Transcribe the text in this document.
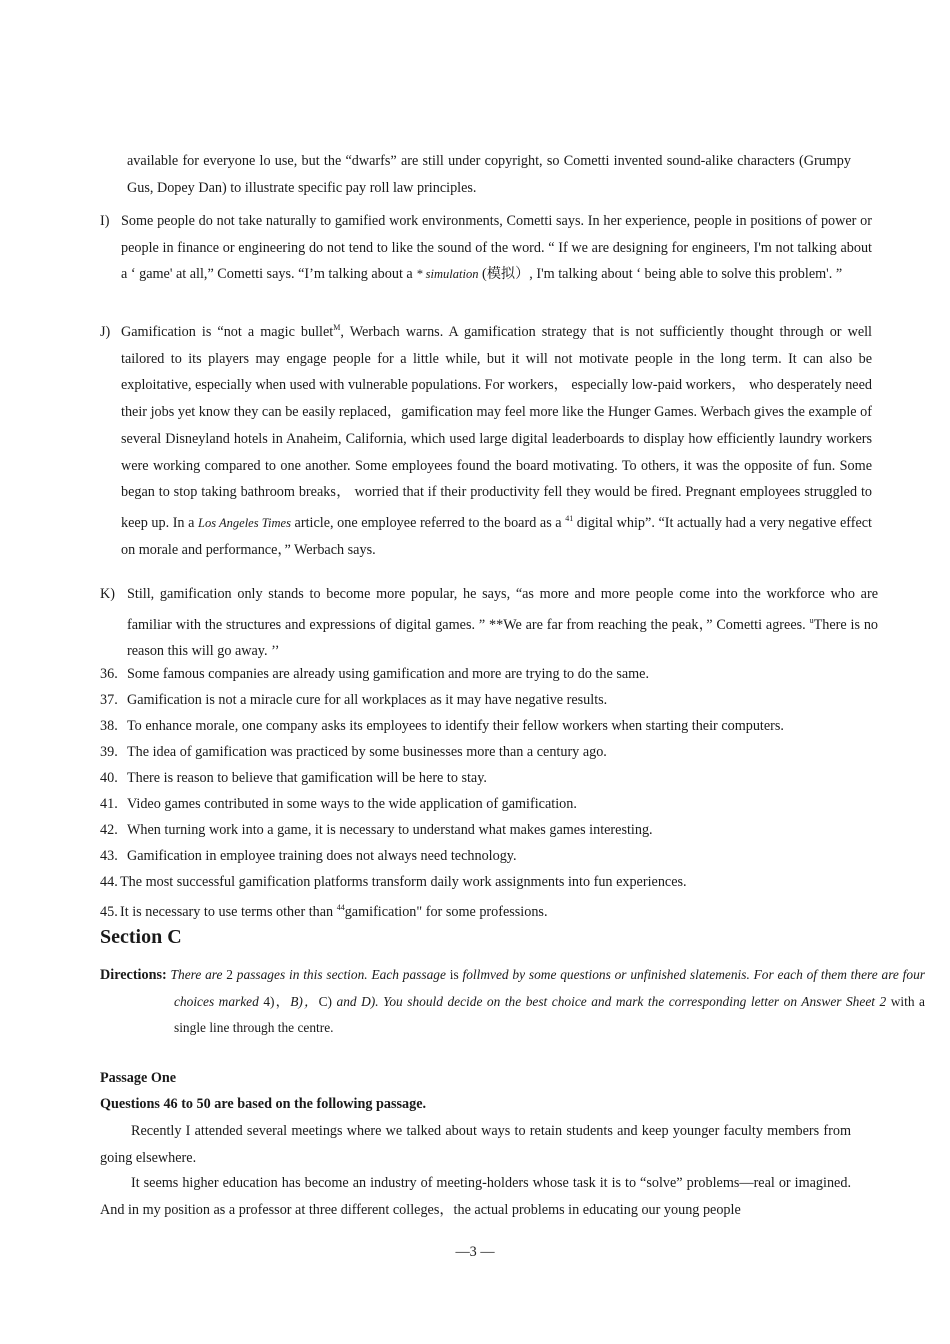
available for everyone lo use, but the “dwarfs” are still under copyright, so Cometti invented sound-alike characters (Grumpy Gus, Dopey Dan) to illustrate specific pay roll law principles.
I) Some people do not take naturally to gamified work environments, Cometti says. In her experience, people in positions of power or people in finance or engineering do not tend to like the sound of the word. “ If we are designing for engineers, I'm not talking about a ‘ game' at all,” Cometti says. “I’m talking about a * simulation (模拟）, I'm talking about ‘ being able to solve this problem'. ”
J) Gamification is “not a magic bullet$^M$, Werbach warns. A gamification strategy that is not sufficiently thought through or well tailored to its players may engage people for a little while, but it will not motivate people in the long term. It can also be exploitative, especially when used with vulnerable populations. For workers， especially low-paid workers， who desperately need their jobs yet know they can be easily replaced，gamification may feel more like the Hunger Games. Werbach gives the example of several Disneyland hotels in Anaheim, California, which used large digital leaderboards to display how efficiently laundry workers were working compared to one another. Some employees found the board motivating. To others, it was the opposite of fun. Some began to stop taking bathroom breaks， worried that if their productivity fell they would be fired. Pregnant employees struggled to keep up. In a Los Angeles Times article, one employee referred to the board as a $^{41}$ digital whip”. “It actually had a very negative effect on morale and performance，” Werbach says.
K) Still, gamification only stands to become more popular, he says, “as more and more people come into the workforce who are familiar with the structures and expressions of digital games. ” **We are far from reaching the peak，” Cometti agrees. $^u$There is no reason this will go away. ’’
36. Some famous companies are already using gamification and more are trying to do the same.
37. Gamification is not a miracle cure for all workplaces as it may have negative results.
38. To enhance morale, one company asks its employees to identify their fellow workers when starting their computers.
39. The idea of gamification was practiced by some businesses more than a century ago.
40. There is reason to believe that gamification will be here to stay.
41. Video games contributed in some ways to the wide application of gamification.
42. When turning work into a game, it is necessary to understand what makes games interesting.
43. Gamification in employee training does not always need technology.
44. The most successful gamification platforms transform daily work assignments into fun experiences.
45. It is necessary to use terms other than $^{44}$gamification" for some professions.
Section C
Directions: There are 2 passages in this section. Each passage is follmved by some questions or unfinished slatemenis. For each of them there are four choices marked 4)，B)，C) and D). You should decide on the best choice and mark the corresponding letter on Answer Sheet 2 with a single line through the centre.
Passage One
Questions 46 to 50 are based on the following passage.
Recently I attended several meetings where we talked about ways to retain students and keep younger faculty members from going elsewhere.
It seems higher education has become an industry of meeting-holders whose task it is to “solve” problems—real or imagined. And in my position as a professor at three different colleges，the actual problems in educating our young people
—3 —
